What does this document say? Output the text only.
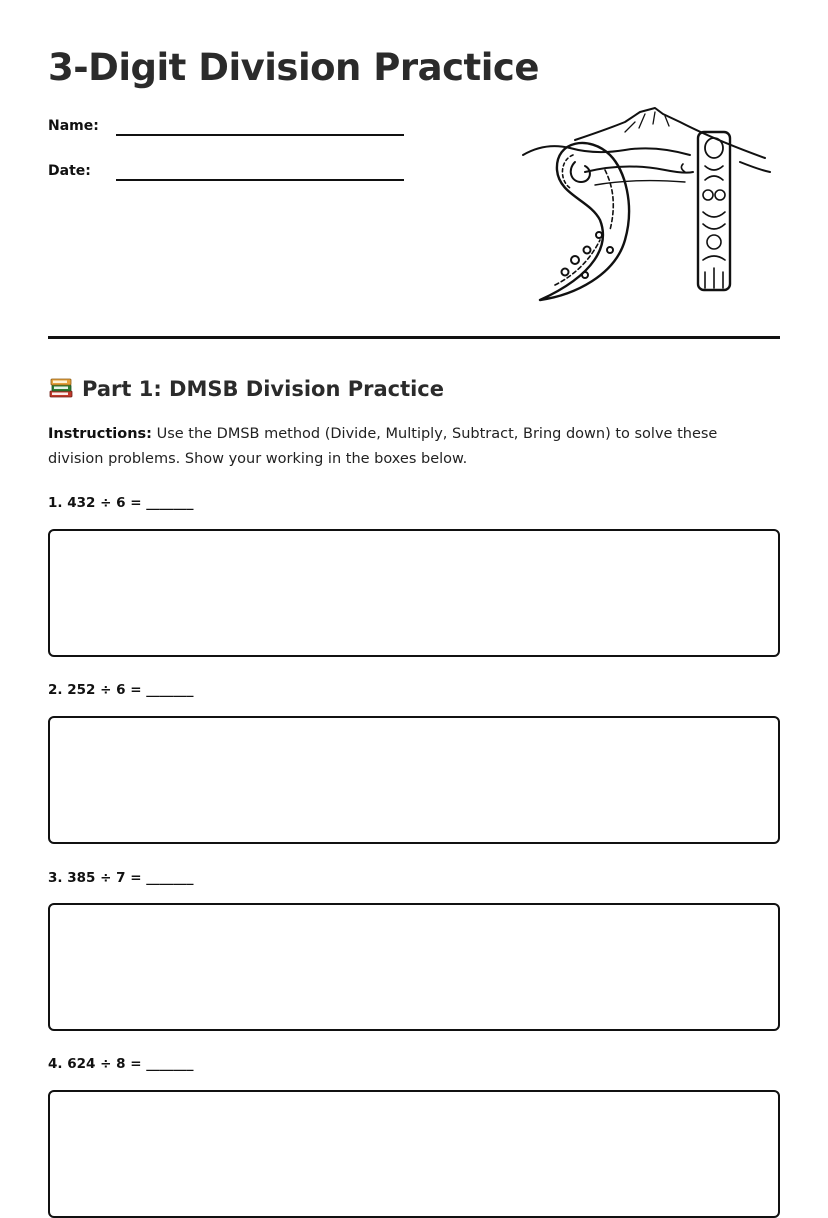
3-Digit Division Practice
Name:
Date:
Part 1: DMSB Division Practice

Instructions: Use the DMSB method (Divide, Multiply, Subtract, Bring down) to solve these division problems. Show your working in the boxes below.

1. 432 ÷ 6 = _______
2. 252 ÷ 6 = _______
3. 385 ÷ 7 = _______
4. 624 ÷ 8 = _______
